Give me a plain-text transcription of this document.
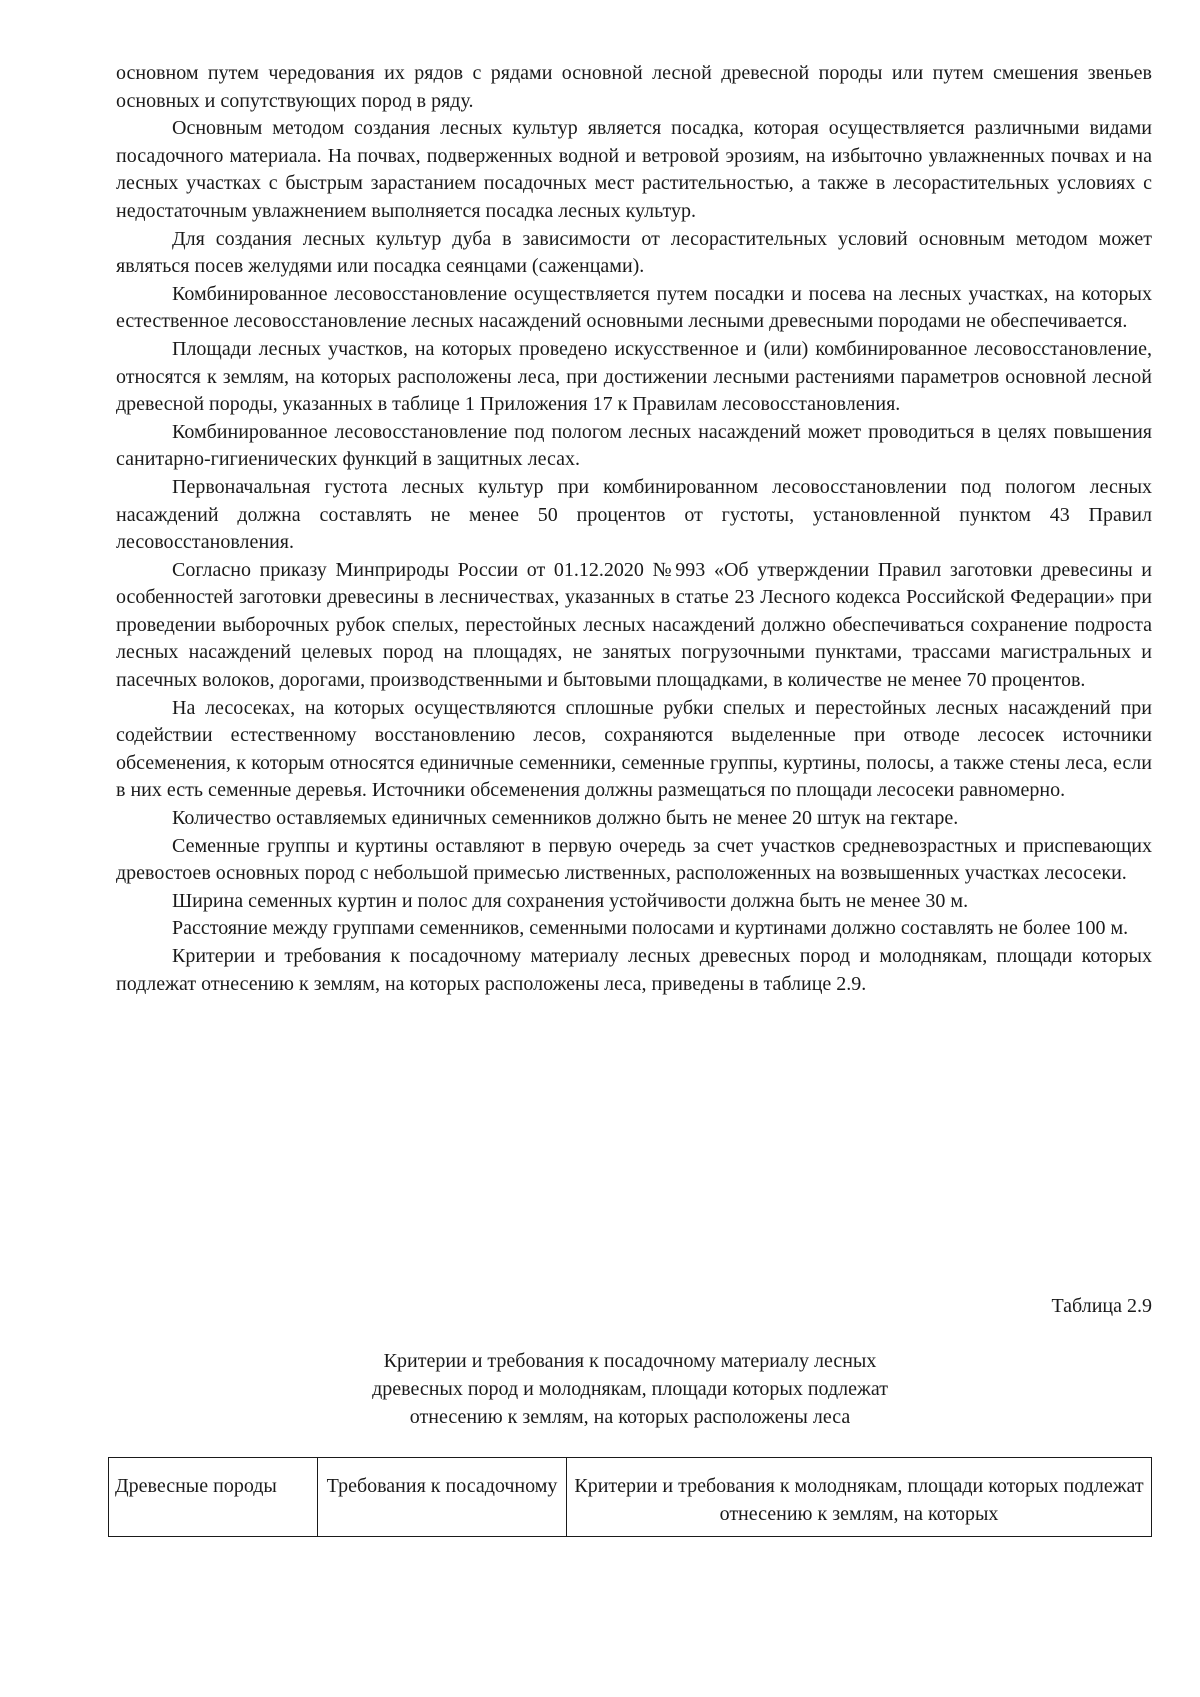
основном путем чередования их рядов с рядами основной лесной древесной породы или путем смешения звеньев основных и сопутствующих пород в ряду.

Основным методом создания лесных культур является посадка, которая осуществляется различными видами посадочного материала. На почвах, подверженных водной и ветровой эрозиям, на избыточно увлажненных почвах и на лесных участках с быстрым зарастанием посадочных мест растительностью, а также в лесорастительных условиях с недостаточным увлажнением выполняется посадка лесных культур.

Для создания лесных культур дуба в зависимости от лесорастительных условий основным методом может являться посев желудями или посадка сеянцами (саженцами).

Комбинированное лесовосстановление осуществляется путем посадки и посева на лесных участках, на которых естественное лесовосстановление лесных насаждений основными лесными древесными породами не обеспечивается.

Площади лесных участков, на которых проведено искусственное и (или) комбинированное лесовосстановление, относятся к землям, на которых расположены леса, при достижении лесными растениями параметров основной лесной древесной породы, указанных в таблице 1 Приложения 17 к Правилам лесовосстановления.

Комбинированное лесовосстановление под пологом лесных насаждений может проводиться в целях повышения санитарно-гигиенических функций в защитных лесах.

Первоначальная густота лесных культур при комбинированном лесовосстановлении под пологом лесных насаждений должна составлять не менее 50 процентов от густоты, установленной пунктом 43 Правил лесовосстановления.

Согласно приказу Минприроды России от 01.12.2020 №993 «Об утверждении Правил заготовки древесины и особенностей заготовки древесины в лесничествах, указанных в статье 23 Лесного кодекса Российской Федерации» при проведении выборочных рубок спелых, перестойных лесных насаждений должно обеспечиваться сохранение подроста лесных насаждений целевых пород на площадях, не занятых погрузочными пунктами, трассами магистральных и пасечных волоков, дорогами, производственными и бытовыми площадками, в количестве не менее 70 процентов.

На лесосеках, на которых осуществляются сплошные рубки спелых и перестойных лесных насаждений при содействии естественному восстановлению лесов, сохраняются выделенные при отводе лесосек источники обсеменения, к которым относятся единичные семенники, семенные группы, куртины, полосы, а также стены леса, если в них есть семенные деревья. Источники обсеменения должны размещаться по площади лесосеки равномерно.

Количество оставляемых единичных семенников должно быть не менее 20 штук на гектаре.

Семенные группы и куртины оставляют в первую очередь за счет участков средневозрастных и приспевающих древостоев основных пород с небольшой примесью лиственных, расположенных на возвышенных участках лесосеки.

Ширина семенных куртин и полос для сохранения устойчивости должна быть не менее 30 м.

Расстояние между группами семенников, семенными полосами и куртинами должно составлять не более 100 м.

Критерии и требования к посадочному материалу лесных древесных пород и молоднякам, площади которых подлежат отнесению к землям, на которых расположены леса, приведены в таблице 2.9.

Таблица 2.9
Критерии и требования к посадочному материалу лесных
древесных пород и молоднякам, площади которых подлежат
отнесению к землям, на которых расположены леса
Древесные породы	Требования к посадочному	Критерии и требования к молоднякам, площади которых подлежат отнесению к землям, на которых
